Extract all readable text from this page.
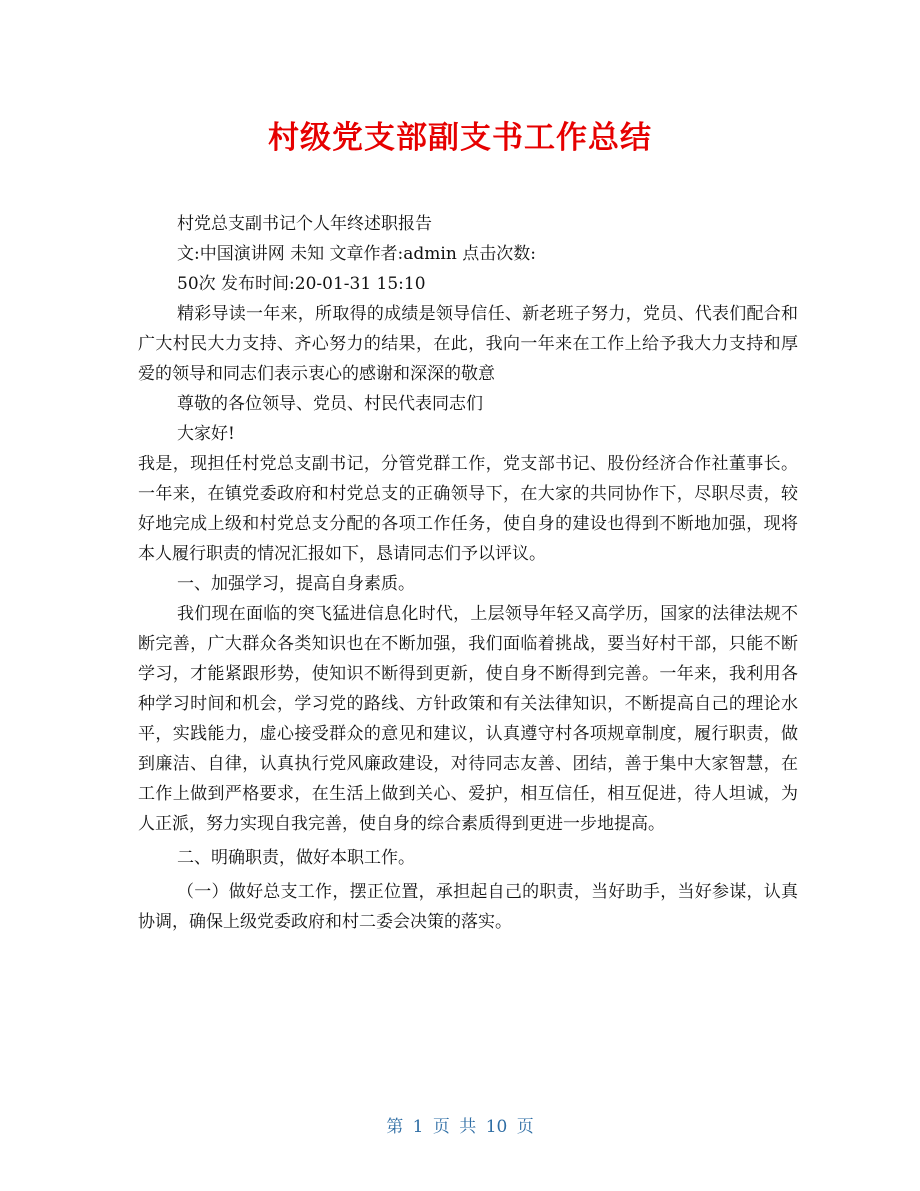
村级党支部副支书工作总结

村党总支副书记个人年终述职报告

文:中国演讲网 未知 文章作者:admin 点击次数:

50次 发布时间:20-01-31 15:10

精彩导读一年来，所取得的成绩是领导信任、新老班子努力，党员、代表们配合和广大村民大力支持、齐心努力的结果，在此，我向一年来在工作上给予我大力支持和厚爱的领导和同志们表示衷心的感谢和深深的敬意

尊敬的各位领导、党员、村民代表同志们

大家好!

我是，现担任村党总支副书记，分管党群工作，党支部书记、股份经济合作社董事长。一年来，在镇党委政府和村党总支的正确领导下，在大家的共同协作下，尽职尽责，较好地完成上级和村党总支分配的各项工作任务，使自身的建设也得到不断地加强，现将本人履行职责的情况汇报如下，恳请同志们予以评议。

一、加强学习，提高自身素质。

我们现在面临的突飞猛进信息化时代，上层领导年轻又高学历，国家的法律法规不断完善，广大群众各类知识也在不断加强，我们面临着挑战，要当好村干部，只能不断学习，才能紧跟形势，使知识不断得到更新，使自身不断得到完善。一年来，我利用各种学习时间和机会，学习党的路线、方针政策和有关法律知识，不断提高自己的理论水平，实践能力，虚心接受群众的意见和建议，认真遵守村各项规章制度，履行职责，做到廉洁、自律，认真执行党风廉政建设，对待同志友善、团结，善于集中大家智慧，在工作上做到严格要求，在生活上做到关心、爱护，相互信任，相互促进，待人坦诚，为人正派，努力实现自我完善，使自身的综合素质得到更进一步地提高。

二、明确职责，做好本职工作。

（一）做好总支工作，摆正位置，承担起自己的职责，当好助手，当好参谋，认真协调，确保上级党委政府和村二委会决策的落实。

第 1 页 共 10 页
